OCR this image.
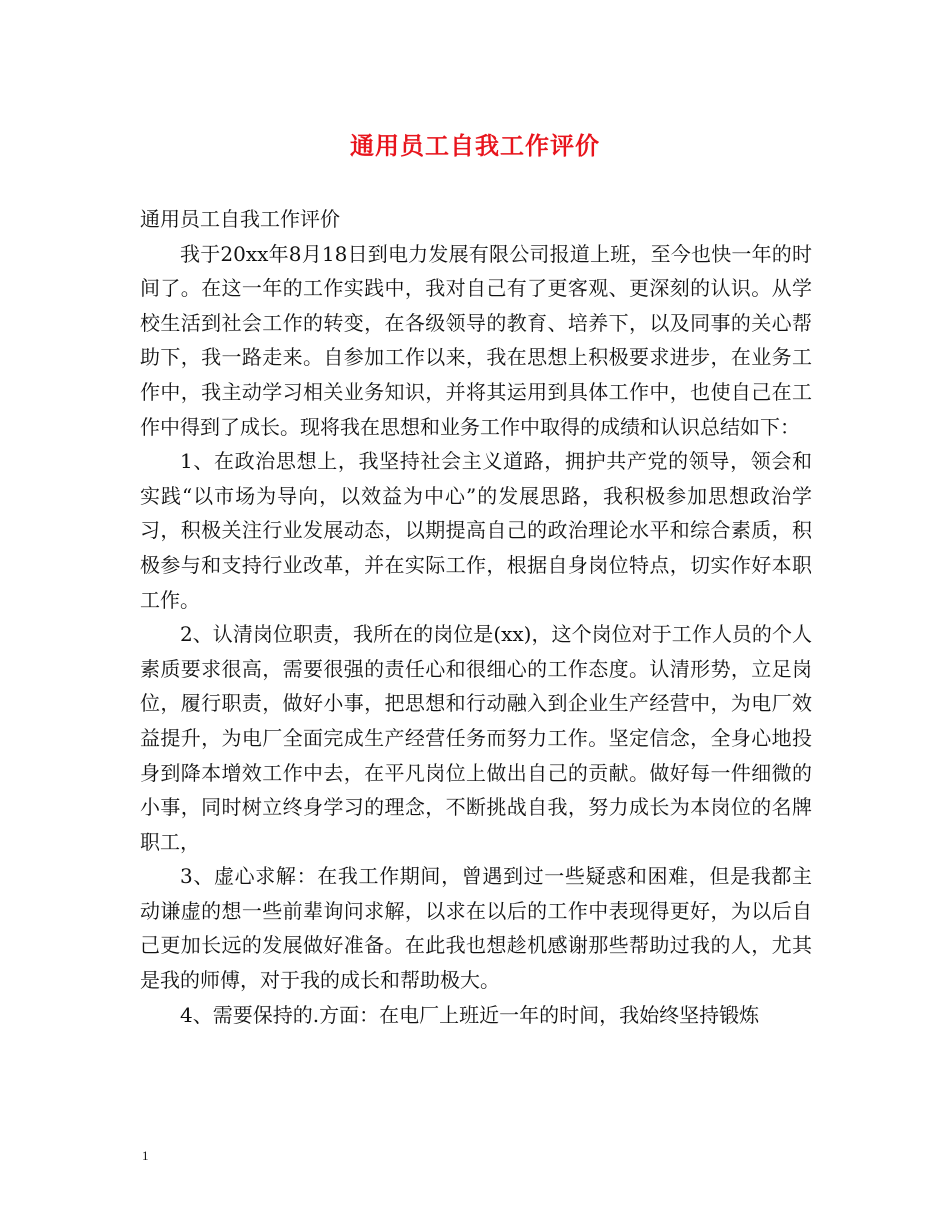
通用员工自我工作评价

通用员工自我工作评价

我于20xx年8月18日到电力发展有限公司报道上班，至今也快一年的时间了。在这一年的工作实践中，我对自己有了更客观、更深刻的认识。从学校生活到社会工作的转变，在各级领导的教育、培养下，以及同事的关心帮助下，我一路走来。自参加工作以来，我在思想上积极要求进步，在业务工作中，我主动学习相关业务知识，并将其运用到具体工作中，也使自己在工作中得到了成长。现将我在思想和业务工作中取得的成绩和认识总结如下：

1、在政治思想上，我坚持社会主义道路，拥护共产党的领导，领会和实践“以市场为导向，以效益为中心”的发展思路，我积极参加思想政治学习，积极关注行业发展动态，以期提高自己的政治理论水平和综合素质，积极参与和支持行业改革，并在实际工作，根据自身岗位特点，切实作好本职工作。

2、认清岗位职责，我所在的岗位是(xx)，这个岗位对于工作人员的个人素质要求很高，需要很强的责任心和很细心的工作态度。认清形势，立足岗位，履行职责，做好小事，把思想和行动融入到企业生产经营中，为电厂效益提升，为电厂全面完成生产经营任务而努力工作。坚定信念，全身心地投身到降本增效工作中去，在平凡岗位上做出自己的贡献。做好每一件细微的小事，同时树立终身学习的理念，不断挑战自我，努力成长为本岗位的名牌职工，

3、虚心求解：在我工作期间，曾遇到过一些疑惑和困难，但是我都主动谦虚的想一些前辈询问求解，以求在以后的工作中表现得更好，为以后自己更加长远的发展做好准备。在此我也想趁机感谢那些帮助过我的人，尤其是我的师傅，对于我的成长和帮助极大。

4、需要保持的.方面：在电厂上班近一年的时间，我始终坚持锻炼

1
